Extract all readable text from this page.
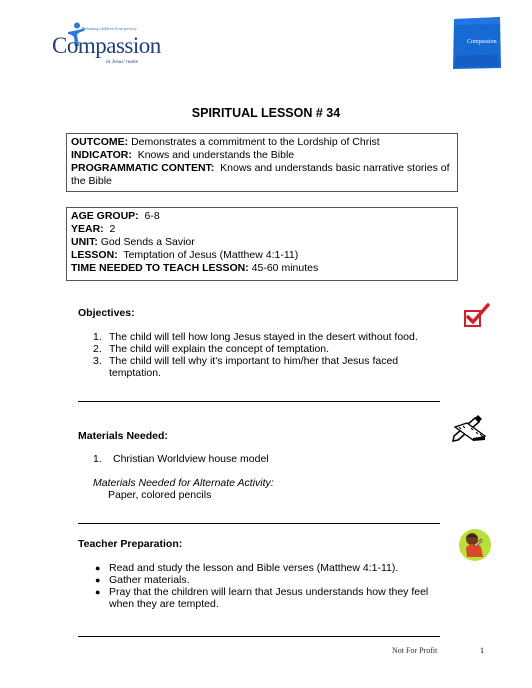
Releasing children from poverty
Compassion
in Jesus' name
Compassion
SPIRITUAL LESSON # 34
OUTCOME: Demonstrates a commitment to the Lordship of Christ
INDICATOR: Knows and understands the Bible
PROGRAMMATIC CONTENT: Knows and understands basic narrative stories of the Bible
AGE GROUP: 6-8
YEAR: 2
UNIT: God Sends a Savior
LESSON: Temptation of Jesus (Matthew 4:1-11)
TIME NEEDED TO TEACH LESSON: 45-60 minutes
Objectives:
1. The child will tell how long Jesus stayed in the desert without food.
2. The child will explain the concept of temptation.
3. The child will tell why it's important to him/her that Jesus faced temptation.
Materials Needed:
1. Christian Worldview house model
Materials Needed for Alternate Activity:
Paper, colored pencils
Teacher Preparation:
● Read and study the lesson and Bible verses (Matthew 4:1-11).
● Gather materials.
● Pray that the children will learn that Jesus understands how they feel when they are tempted.
Not For Profit	1
